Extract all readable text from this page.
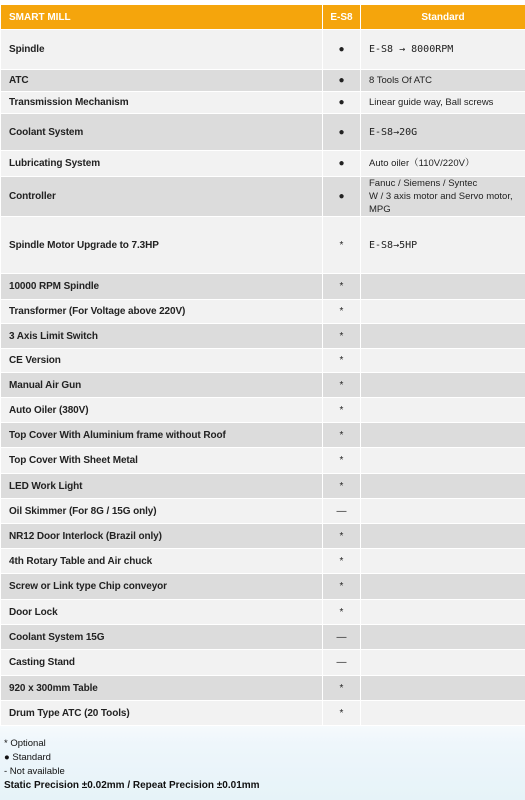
SMART MILL	E-S8	Standard
Spindle	●	E-S8 → 8000RPM
ATC	●	8 Tools Of ATC
Transmission Mechanism	●	Linear guide way, Ball screws
Coolant System	●	E-S8→20G
Lubricating System	●	Auto oiler（110V/220V）
Controller	●	Fanuc / Siemens / Syntec
W / 3 axis motor and Servo motor, MPG
Spindle Motor Upgrade to 7.3HP	*	E-S8→5HP
10000 RPM Spindle	*	
Transformer (For Voltage above 220V)	*	
3 Axis Limit Switch	*	
CE Version	*	
Manual Air Gun	*	
Auto Oiler (380V)	*	
Top Cover With Aluminium frame without Roof	*	
Top Cover With Sheet Metal	*	
LED Work Light	*	
Oil Skimmer (For 8G / 15G only)	—	
NR12 Door Interlock (Brazil only)	*	
4th Rotary Table and Air chuck	*	
Screw or Link type Chip conveyor	*	
Door Lock	*	
Coolant System 15G	—	
Casting Stand	—	
920 x 300mm Table	*	
Drum Type ATC (20 Tools)	*	
* Optional
● Standard
- Not available
Static Precision ±0.02mm / Repeat Precision ±0.01mm
